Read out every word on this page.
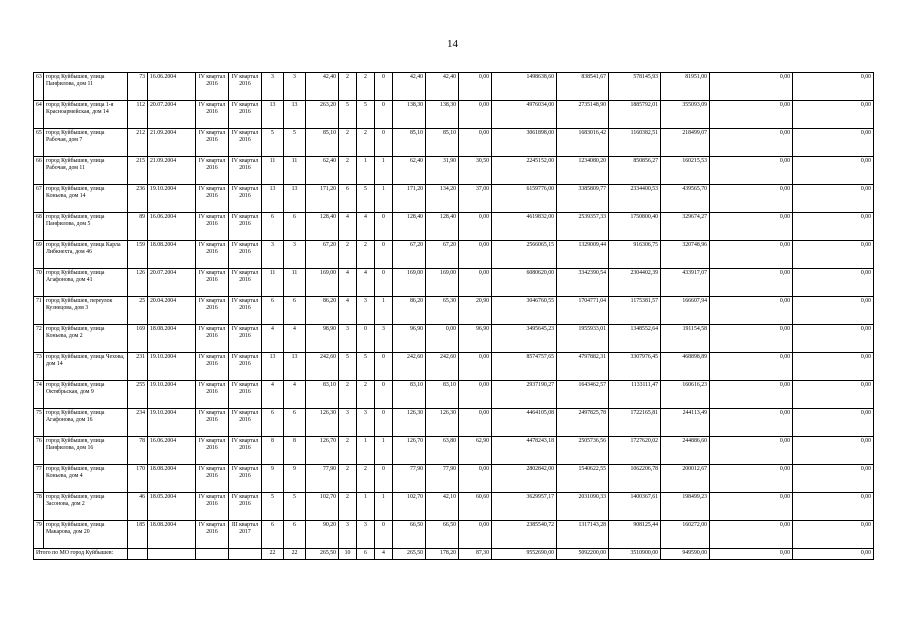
14
63	город Куйбышев, улица Панфилова, дом 11	73	16.06.2004	IV квартал 2016	IV квартал 2016	3	3	42,40	2	2	0	42,40	42,40	0,00	1498638,60	838541,67	578145,93	81951,00	0,00	0,00
64	город Куйбышев, улица 1-я Красноармейская, дом 14	112	20.07.2004	IV квартал 2016	IV квартал 2016	13	13	263,20	5	5	0	138,30	138,30	0,00	4976034,00	2735148,90	1885792,01	355093,09	0,00	0,00
65	город Куйбышев, улица Рабочая, дом 7	212	21.09.2004	IV квартал 2016	IV квартал 2016	5	5	85,10	2	2	0	85,10	85,10	0,00	3061898,00	1683016,42	1160382,51	218499,07	0,00	0,00
66	город Куйбышев, улица Рабочая, дом 11	215	21.09.2004	IV квартал 2016	IV квартал 2016	11	11	62,40	2	1	1	62,40	31,90	30,50	2245152,00	1234080,20	850856,27	160215,53	0,00	0,00
67	город Куйбышев, улица Коньева, дом 14	236	19.10.2004	IV квартал 2016	IV квартал 2016	13	13	171,20	6	5	1	171,20	134,20	37,00	6159776,00	3385809,77	2334400,53	439565,70	0,00	0,00
68	город Куйбышев, улица Панфилова, дом 5	89	16.06.2004	IV квартал 2016	IV квартал 2016	6	6	128,40	4	4	0	128,40	128,40	0,00	4619832,00	2539357,33	1750800,40	329674,27	0,00	0,00
69	город Куйбышев, улица Карла Либкнехта, дом 46	159	18.08.2004	IV квартал 2016	IV квартал 2016	3	3	67,20	2	2	0	67,20	67,20	0,00	2566065,15	1329009,44	916306,75	320748,96	0,00	0,00
70	город Куйбышев, улица Агафонова, дом 41	126	20.07.2004	IV квартал 2016	IV квартал 2016	11	11	169,00	4	4	0	169,00	169,00	0,00	6080620,00	3342390,54	2304402,39	433917,07	0,00	0,00
71	город Куйбышев, переулок Кузнецова, дом 3	25	20.04.2004	IV квартал 2016	IV квартал 2016	6	6	86,20	4	3	1	86,20	65,30	20,90	3046760,55	1704771,04	1175381,57	166607,94	0,00	0,00
72	город Куйбышев, улица Коньева, дом 2	169	18.08.2004	IV квартал 2016	IV квартал 2016	4	4	98,90	3	0	3	96,90	0,00	96,90	3495645,23	1955933,01	1348552,64	191154,58	0,00	0,00
73	город Куйбышев, улица Чехова, дом 14	231	19.10.2004	IV квартал 2016	IV квартал 2016	13	13	242,60	5	5	0	242,60	242,60	0,00	8574757,65	4797882,31	3307976,45	468898,89	0,00	0,00
74	город Куйбышев, улица Октябрьская, дом 9	255	19.10.2004	IV квартал 2016	IV квартал 2016	4	4	83,10	2	2	0	83,10	83,10	0,00	2937190,27	1643462,57	1133111,47	160616,23	0,00	0,00
75	город Куйбышев, улица Агафонова, дом 16	234	19.10.2004	IV квартал 2016	IV квартал 2016	6	6	126,30	3	3	0	126,30	126,30	0,00	4464105,08	2497825,78	1722165,81	244113,49	0,00	0,00
76	город Куйбышев, улица Панфилова, дом 16	78	16.06.2004	IV квартал 2016	IV квартал 2016	8	8	126,70	2	1	1	126,70	63,80	62,90	4478243,18	2505736,56	1727620,02	244886,60	0,00	0,00
77	город Куйбышев, улица Коньева, дом 4	170	18.08.2004	IV квартал 2016	IV квартал 2016	9	9	77,90	2	2	0	77,90	77,90	0,00	2802842,00	1540622,55	1062206,78	200012,67	0,00	0,00
78	город Куйбышев, улица Засонова, дом 2	46	18.05.2004	IV квартал 2016	IV квартал 2016	5	5	102,70	2	1	1	102,70	42,10	60,60	3629957,17	2031090,33	1400367,61	198499,23	0,00	0,00
79	город Куйбышев, улица Макарова, дом 20	185	18.08.2004	IV квартал 2016	III квартал 2017	6	6	90,20	3	3	0	66,50	66,50	0,00	2385540,72	1317143,28	908125,44	160272,00	0,00	0,00
Итого по МО город Куйбышев:						22	22	265,50	10	6	4	265,50	178,20	87,30	9552690,00	5092200,00	3510900,00	949590,00	0,00	0,00
